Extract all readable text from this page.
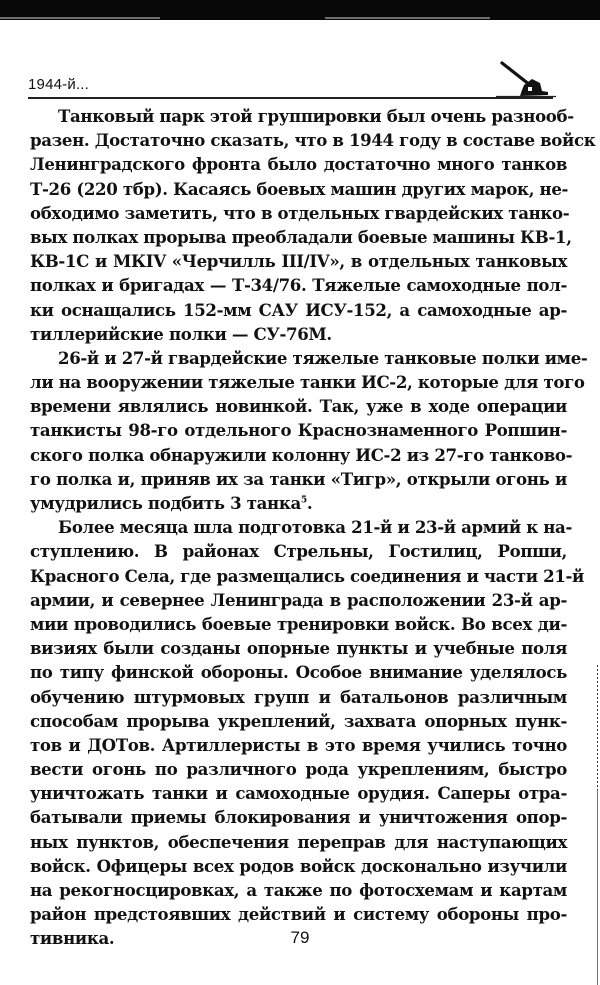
1944-й...
Танковый парк этой группировки был очень разнооб-
разен. Достаточно сказать, что в 1944 году в составе войск
Ленинградского фронта было достаточно много танков
Т-26 (220 тбр). Касаясь боевых машин других марок, не-
обходимо заметить, что в отдельных гвардейских танко-
вых полках прорыва преобладали боевые машины КВ-1,
КВ-1С и МКIV «Черчилль III/IV», в отдельных танковых
полках и бригадах — Т-34/76. Тяжелые самоходные пол-
ки оснащались 152-мм САУ ИСУ-152, а самоходные ар-
тиллерийские полки — СУ-76М.
26-й и 27-й гвардейские тяжелые танковые полки име-
ли на вооружении тяжелые танки ИС-2, которые для того
времени являлись новинкой. Так, уже в ходе операции
танкисты 98-го отдельного Краснознаменного Ропшин-
ского полка обнаружили колонну ИС-2 из 27-го танково-
го полка и, приняв их за танки «Тигр», открыли огонь и
умудрились подбить 3 танка$^5$.
Более месяца шла подготовка 21-й и 23-й армий к на-
ступлению. В районах Стрельны, Гостилиц, Ропши,
Красного Села, где размещались соединения и части 21-й
армии, и севернее Ленинграда в расположении 23-й ар-
мии проводились боевые тренировки войск. Во всех ди-
визиях были созданы опорные пункты и учебные поля
по типу финской обороны. Особое внимание уделялось
обучению штурмовых групп и батальонов различным
способам прорыва укреплений, захвата опорных пунк-
тов и ДОТов. Артиллеристы в это время учились точно
вести огонь по различного рода укреплениям, быстро
уничтожать танки и самоходные орудия. Саперы отра-
батывали приемы блокирования и уничтожения опор-
ных пунктов, обеспечения переправ для наступающих
войск. Офицеры всех родов войск досконально изучили
на рекогносцировках, а также по фотосхемам и картам
район предстоявших действий и систему обороны про-
тивника.	79
